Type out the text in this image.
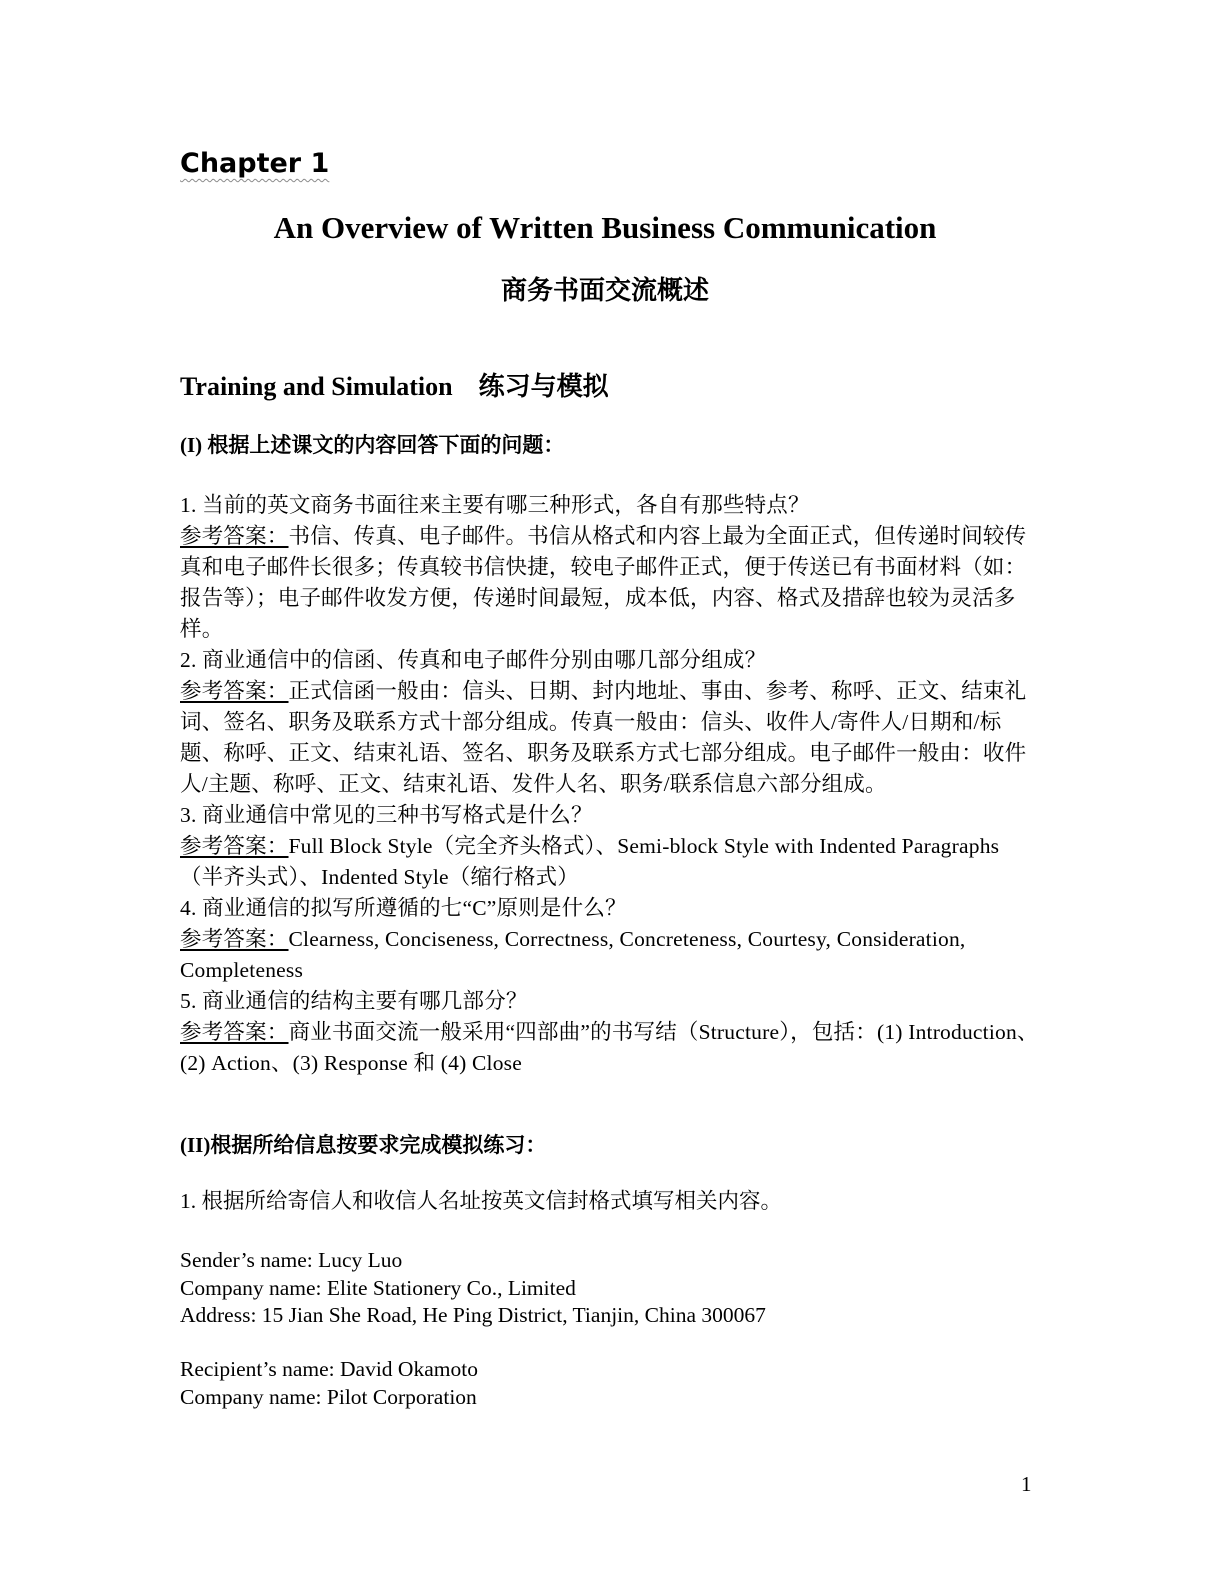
Chapter 1
An Overview of Written Business Communication
商务书面交流概述
Training and Simulation　练习与模拟
(I) 根据上述课文的内容回答下面的问题：

1. 当前的英文商务书面往来主要有哪三种形式，各自有那些特点？

参考答案：书信、传真、电子邮件。书信从格式和内容上最为全面正式，但传递时间较传真和电子邮件长很多；传真较书信快捷，较电子邮件正式，便于传送已有书面材料（如：报告等）；电子邮件收发方便，传递时间最短，成本低，内容、格式及措辞也较为灵活多样。

2. 商业通信中的信函、传真和电子邮件分别由哪几部分组成？

参考答案：正式信函一般由：信头、日期、封内地址、事由、参考、称呼、正文、结束礼词、签名、职务及联系方式十部分组成。传真一般由：信头、收件人/寄件人/日期和/标题、称呼、正文、结束礼语、签名、职务及联系方式七部分组成。电子邮件一般由：收件人/主题、称呼、正文、结束礼语、发件人名、职务/联系信息六部分组成。

3. 商业通信中常见的三种书写格式是什么？

参考答案：Full Block Style（完全齐头格式）、Semi-block Style with Indented Paragraphs（半齐头式）、Indented Style（缩行格式）

4. 商业通信的拟写所遵循的七“C”原则是什么？

参考答案：Clearness, Conciseness, Correctness, Concreteness, Courtesy, Consideration, Completeness

5. 商业通信的结构主要有哪几部分？

参考答案：商业书面交流一般采用“四部曲”的书写结（Structure），包括：(1) Introduction、(2) Action、(3) Response 和 (4) Close

(II)根据所给信息按要求完成模拟练习：
1. 根据所给寄信人和收信人名址按英文信封格式填写相关内容。
Sender’s name: Lucy Luo
Company name: Elite Stationery Co., Limited
Address: 15 Jian She Road, He Ping District, Tianjin, China 300067
Recipient’s name: David Okamoto
Company name: Pilot Corporation
1
